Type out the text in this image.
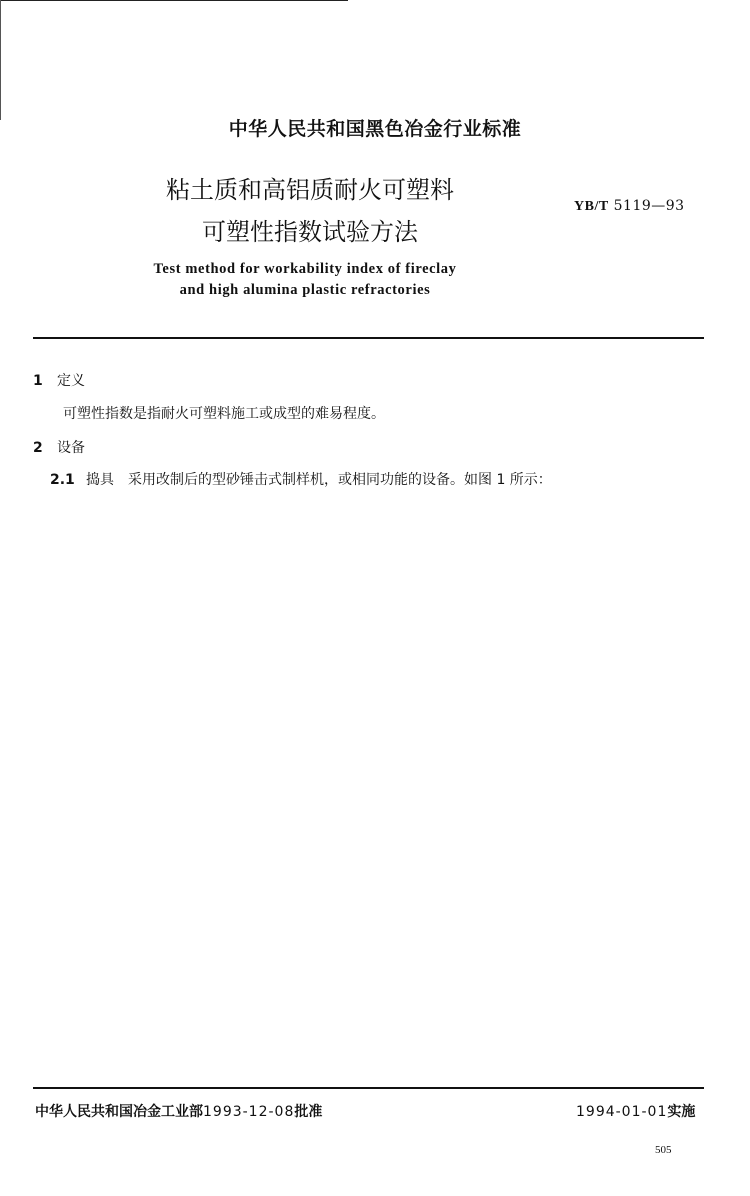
中华人民共和国黑色冶金行业标准
粘土质和高铝质耐火可塑料
可塑性指数试验方法
YB/T 5119—93
Test method for workability index of fireclay
and high alumina plastic refractories
1 定义
可塑性指数是指耐火可塑料施工或成型的难易程度。
2 设备
2.1 捣具 采用改制后的型砂锤击式制样机，或相同功能的设备。如图 1 所示：
中华人民共和国冶金工业部1993-12-08批准	1994-01-01实施
505
